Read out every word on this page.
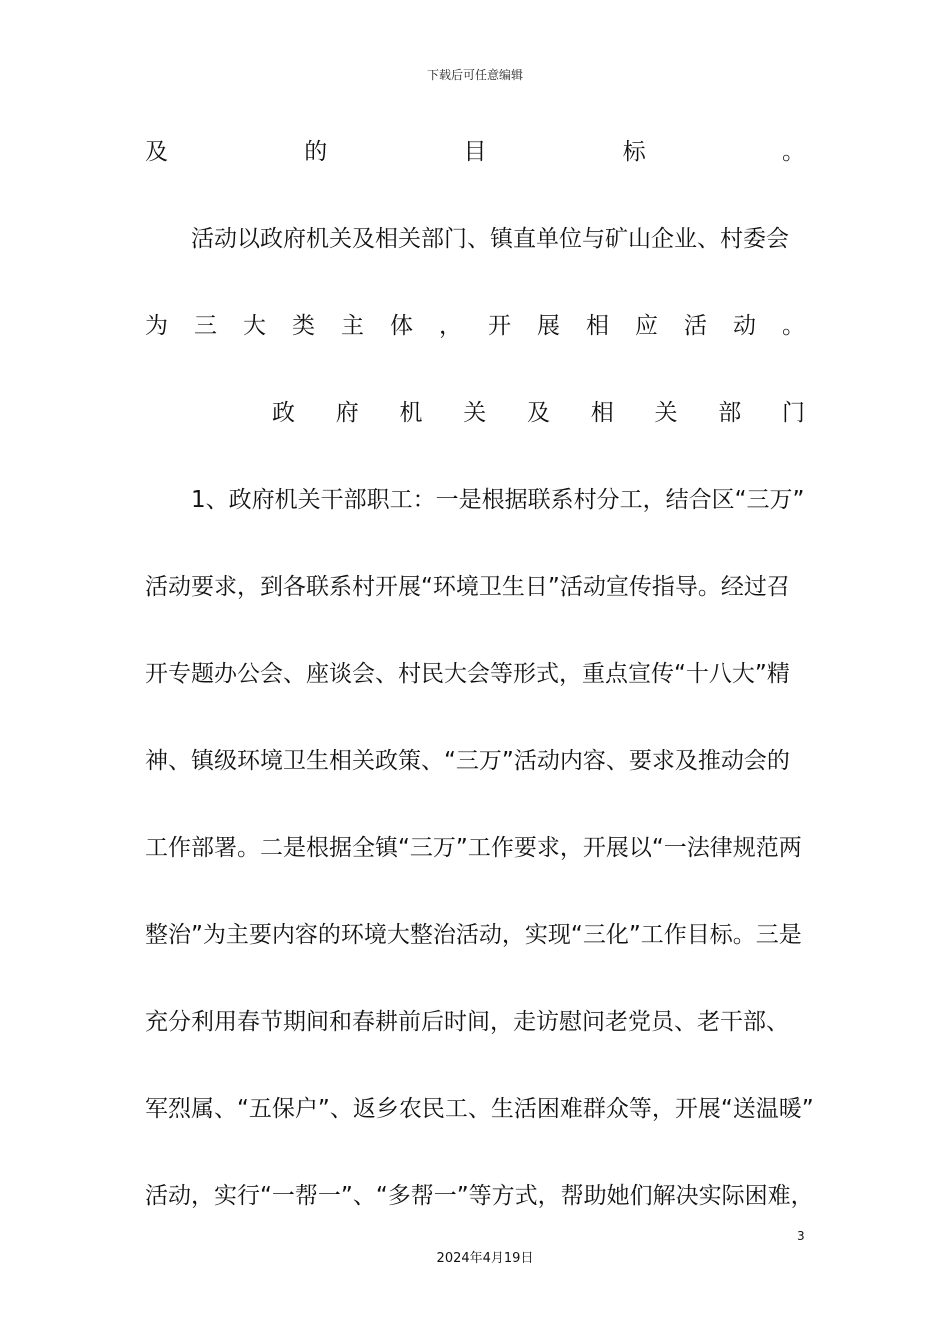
下载后可任意编辑
及	的	目	标	。
活动以政府机关及相关部门、镇直单位与矿山企业、村委会
为 三 大 类 主 体 ， 开 展 相 应 活 动 。
政 府 机 关 及 相 关 部 门
1、政府机关干部职工：一是根据联系村分工，结合区“三万”
活动要求，到各联系村开展“环境卫生日”活动宣传指导。经过召
开专题办公会、座谈会、村民大会等形式，重点宣传“十八大”精
神、镇级环境卫生相关政策、“三万”活动内容、要求及推动会的
工作部署。二是根据全镇“三万”工作要求，开展以“一法律规范两
整治”为主要内容的环境大整治活动，实现“三化”工作目标。三是
充分利用春节期间和春耕前后时间，走访慰问老党员、老干部、
军烈属、“五保户”、返乡农民工、生活困难群众等，开展“送温暖”
活动，实行“一帮一”、“多帮一”等方式，帮助她们解决实际困难，
3
2024年4月19日
